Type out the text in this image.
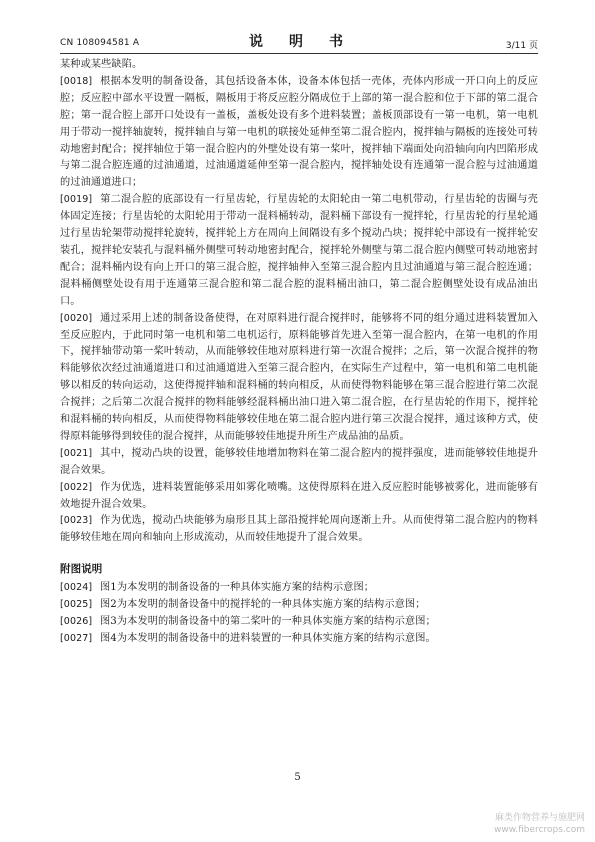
CN 108094581 A	说　明　书	3/11 页

某种或某些缺陷。

[0018] 根据本发明的制备设备，其包括设备本体，设备本体包括一壳体，壳体内形成一开口向上的反应腔；反应腔中部水平设置一隔板，隔板用于将反应腔分隔成位于上部的第一混合腔和位于下部的第二混合腔；第一混合腔上部开口处设有一盖板，盖板处设有多个进料装置；盖板顶部设有一第一电机，第一电机用于带动一搅拌轴旋转，搅拌轴自与第一电机的联接处延伸至第二混合腔内，搅拌轴与隔板的连接处可转动地密封配合；搅拌轴位于第一混合腔内的外壁处设有第一桨叶，搅拌轴下端面处向沿轴向向内凹陷形成与第二混合腔连通的过油通道，过油通道延伸至第一混合腔内，搅拌轴处设有连通第一混合腔与过油通道的过油通道进口；

[0019] 第二混合腔的底部设有一行星齿轮，行星齿轮的太阳轮由一第二电机带动，行星齿轮的齿圈与壳体固定连接；行星齿轮的太阳轮用于带动一混料桶转动，混料桶下部设有一搅拌轮，行星齿轮的行星轮通过行星齿轮架带动搅拌轮旋转，搅拌轮上方在周向上间隔设有多个搅动凸块；搅拌轮中部设有一搅拌轮安装孔，搅拌轮安装孔与混料桶外侧壁可转动地密封配合，搅拌轮外侧壁与第二混合腔内侧壁可转动地密封配合；混料桶内设有向上开口的第三混合腔，搅拌轴伸入至第三混合腔内且过油通道与第三混合腔连通；混料桶侧壁处设有用于连通第三混合腔和第二混合腔的混料桶出油口，第二混合腔侧壁处设有成品油出口。

[0020] 通过采用上述的制备设备使得，在对原料进行混合搅拌时，能够将不同的组分通过进料装置加入至反应腔内，于此同时第一电机和第二电机运行，原料能够首先进入至第一混合腔内，在第一电机的作用下，搅拌轴带动第一桨叶转动，从而能够较佳地对原料进行第一次混合搅拌；之后，第一次混合搅拌的物料能够依次经过油通道进口和过油通道进入至第三混合腔内，在实际生产过程中，第一电机和第二电机能够以相反的转向运动，这使得搅拌轴和混料桶的转向相反，从而使得物料能够在第三混合腔进行第二次混合搅拌；之后第二次混合搅拌的物料能够经混料桶出油口进入第二混合腔，在行星齿轮的作用下，搅拌轮和混料桶的转向相反，从而使得物料能够较佳地在第二混合腔内进行第三次混合搅拌，通过该种方式，使得原料能够得到较佳的混合搅拌，从而能够较佳地提升所生产成品油的品质。

[0021] 其中，搅动凸块的设置，能够较佳地增加物料在第二混合腔内的搅拌强度，进而能够较佳地提升混合效果。

[0022] 作为优选，进料装置能够采用如雾化喷嘴。这使得原料在进入反应腔时能够被雾化，进而能够有效地提升混合效果。

[0023] 作为优选，搅动凸块能够为扇形且其上部沿搅拌轮周向逐渐上升。从而使得第二混合腔内的物料能够较佳地在周向和轴向上形成流动，从而较佳地提升了混合效果。

附图说明

[0024] 图1为本发明的制备设备的一种具体实施方案的结构示意图；

[0025] 图2为本发明的制备设备中的搅拌轮的一种具体实施方案的结构示意图；

[0026] 图3为本发明的制备设备中的第二桨叶的一种具体实施方案的结构示意图；

[0027] 图4为本发明的制备设备中的进料装置的一种具体实施方案的结构示意图。

5
麻类作物营养与施肥网
www.fibercrops.com
